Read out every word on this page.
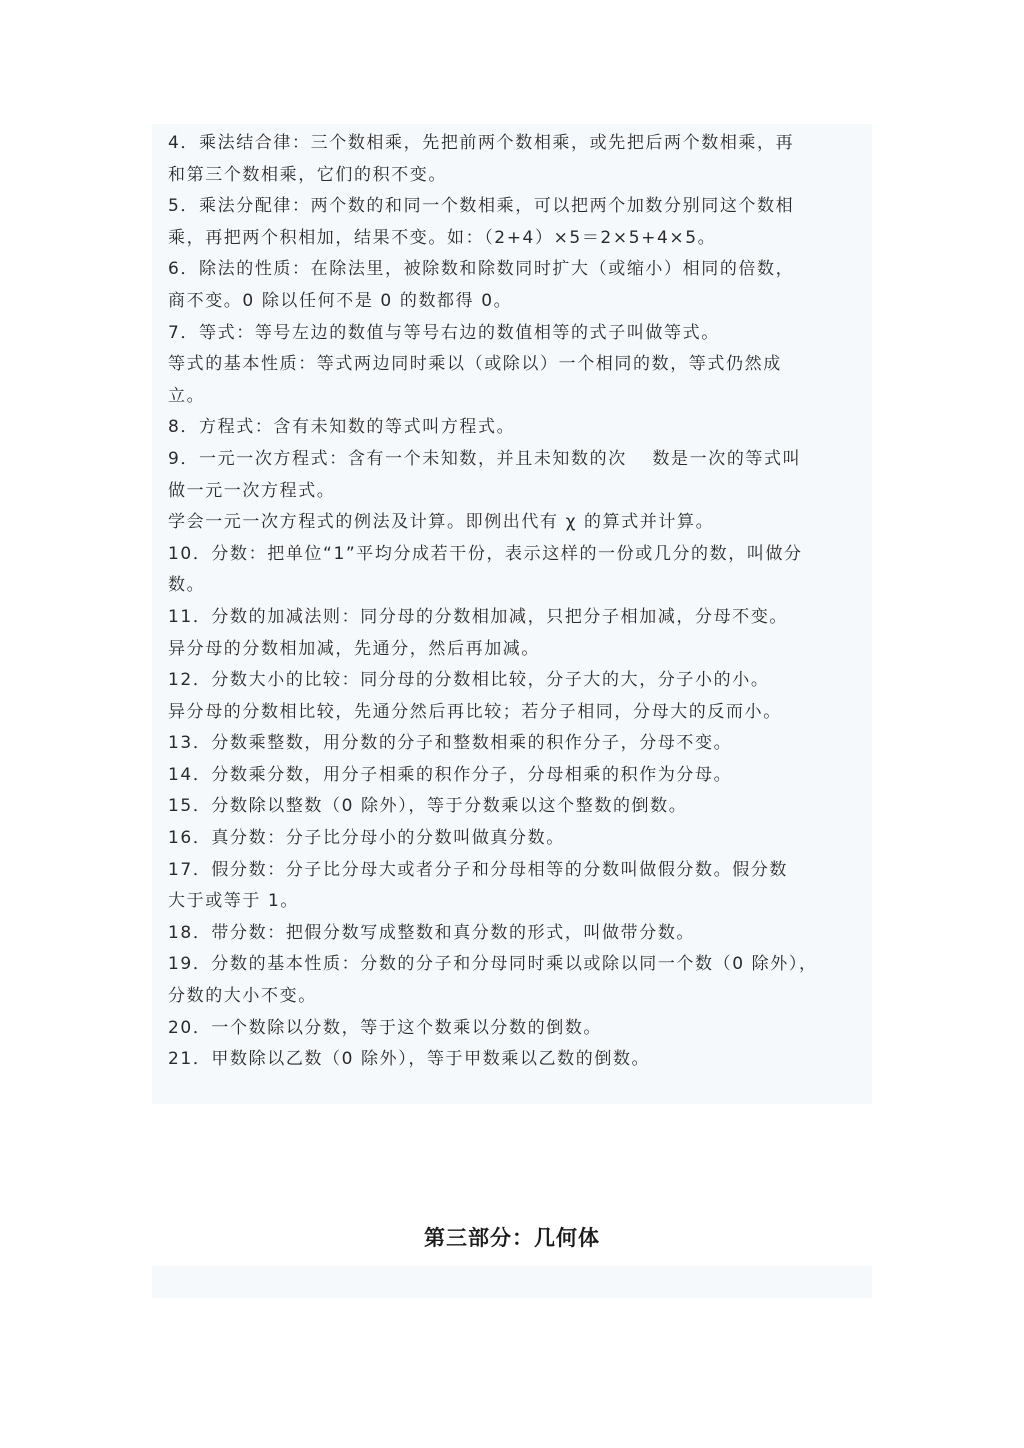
4．乘法结合律：三个数相乘，先把前两个数相乘，或先把后两个数相乘，再
和第三个数相乘，它们的积不变。
5．乘法分配律：两个数的和同一个数相乘，可以把两个加数分别同这个数相
乘，再把两个积相加，结果不变。如：（2+4）×5＝2×5+4×5。
6．除法的性质：在除法里，被除数和除数同时扩大（或缩小）相同的倍数，
商不变。0 除以任何不是 0 的数都得 0。
7．等式：等号左边的数值与等号右边的数值相等的式子叫做等式。
等式的基本性质：等式两边同时乘以（或除以）一个相同的数，等式仍然成
立。
8．方程式：含有未知数的等式叫方程式。
9．一元一次方程式：含有一个未知数，并且未知数的次　 数是一次的等式叫
做一元一次方程式。
学会一元一次方程式的例法及计算。即例出代有 χ 的算式并计算。
10．分数：把单位“1”平均分成若干份，表示这样的一份或几分的数，叫做分
数。
11．分数的加减法则：同分母的分数相加减，只把分子相加减，分母不变。
异分母的分数相加减，先通分，然后再加减。
12．分数大小的比较：同分母的分数相比较，分子大的大，分子小的小。
异分母的分数相比较，先通分然后再比较；若分子相同，分母大的反而小。
13．分数乘整数，用分数的分子和整数相乘的积作分子，分母不变。
14．分数乘分数，用分子相乘的积作分子，分母相乘的积作为分母。
15．分数除以整数（0 除外），等于分数乘以这个整数的倒数。
16．真分数：分子比分母小的分数叫做真分数。
17．假分数：分子比分母大或者分子和分母相等的分数叫做假分数。假分数
大于或等于 1。
18．带分数：把假分数写成整数和真分数的形式，叫做带分数。
19．分数的基本性质：分数的分子和分母同时乘以或除以同一个数（0 除外），
分数的大小不变。
20．一个数除以分数，等于这个数乘以分数的倒数。
21．甲数除以乙数（0 除外），等于甲数乘以乙数的倒数。
第三部分：几何体
